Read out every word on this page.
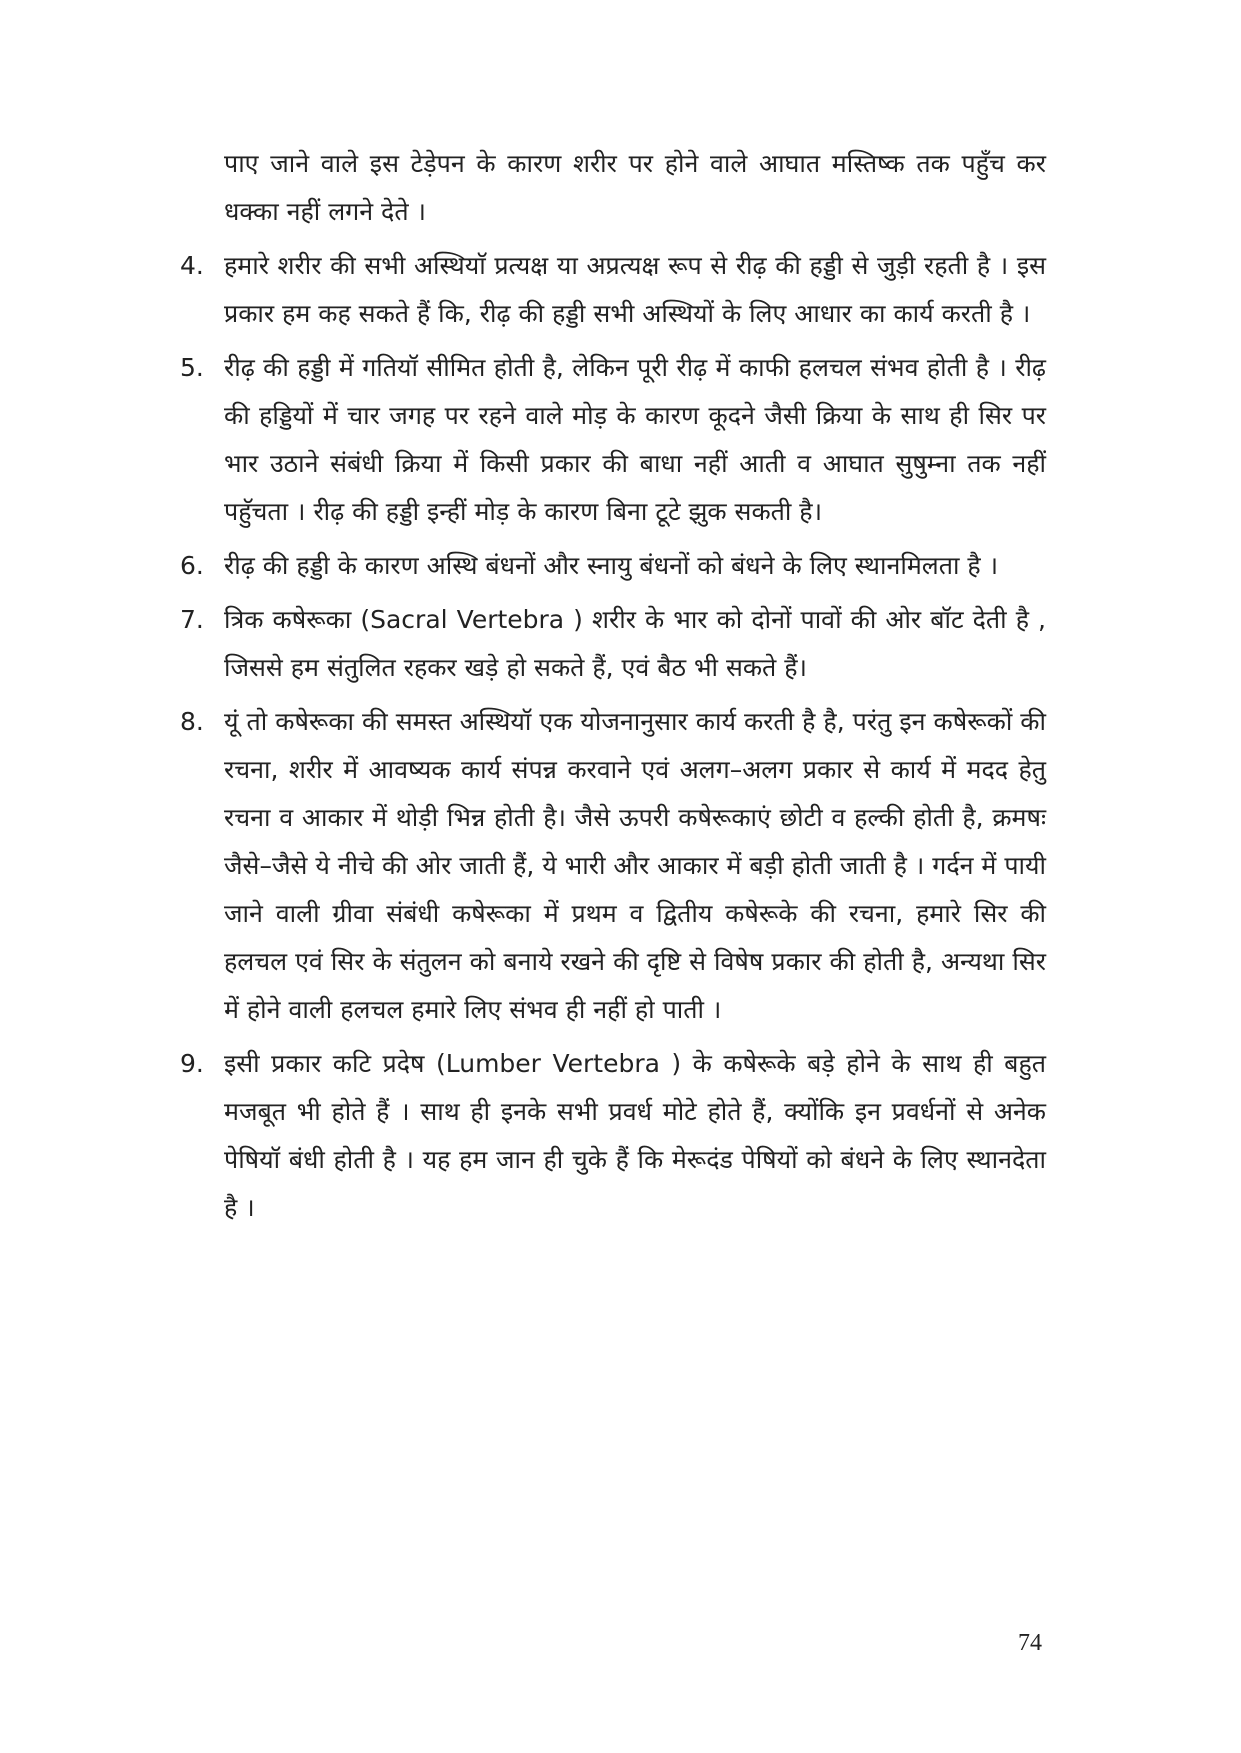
पाए जाने वाले इस टेड़ेपन के कारण शरीर पर होने वाले आघात मस्तिष्क तक पहुँच कर धक्का नहीं लगने देते ।

4. हमारे शरीर की सभी अस्थियाॅ प्रत्यक्ष या अप्रत्यक्ष रूप से रीढ़ की हड्डी से जुड़ी रहती है । इस प्रकार हम कह सकते हैं कि, रीढ़ की हड्डी सभी अस्थियों के लिए आधार का कार्य करती है ।
5. रीढ़ की हड्डी में गतियॉ सीमित होती है, लेकिन पूरी रीढ़ में काफी हलचल संभव होती है । रीढ़ की हड्डियों में चार जगह पर रहने वाले मोड़ के कारण कूदने जैसी क्रिया के साथ ही सिर पर भार उठाने संबंधी क्रिया में किसी प्रकार की बाधा नहीं आती व आघात सुषुम्ना तक नहीं पहुॅचता । रीढ़ की हड्डी इन्हीं मोड़ के कारण बिना टूटे झुक सकती है।
6. रीढ़ की हड्डी के कारण अस्थि बंधनों और स्नायु बंधनों को बंधने के लिए स्थानमिलता है ।
7. त्रिक कषेरूका (Sacral Vertebra ) शरीर के भार को दोनों पावों की ओर बॉट देती है , जिससे हम संतुलित रहकर खड़े हो सकते हैं, एवं बैठ भी सकते हैं।
8. यूं तो कषेरूका की समस्त अस्थियॉ एक योजनानुसार कार्य करती है है, परंतु इन कषेरूकों की रचना, शरीर में आवष्यक कार्य संपन्न करवाने एवं अलग–अलग प्रकार से कार्य में मदद हेतु रचना व आकार में थोड़ी भिन्न होती है। जैसे ऊपरी कषेरूकाएं छोटी व हल्की होती है, क्रमषः जैसे–जैसे ये नीचे की ओर जाती हैं, ये भारी और आकार में बड़ी होती जाती है । गर्दन में पायी जाने वाली ग्रीवा संबंधी कषेरूका में प्रथम व द्वितीय कषेरूके की रचना, हमारे सिर की हलचल एवं सिर के संतुलन को बनाये रखने की दृष्टि से विषेष प्रकार की होती है, अन्यथा सिर में होने वाली हलचल हमारे लिए संभव ही नहीं हो पाती ।
9. इसी प्रकार कटि प्रदेष (Lumber Vertebra ) के कषेरूके बड़े होने के साथ ही बहुत मजबूत भी होते हैं । साथ ही इनके सभी प्रवर्ध मोटे होते हैं, क्योंकि इन प्रवर्धनों से अनेक पेषियॉ बंधी होती है । यह हम जान ही चुके हैं कि मेरूदंड पेषियों को बंधने के लिए स्थानदेता है ।
74
